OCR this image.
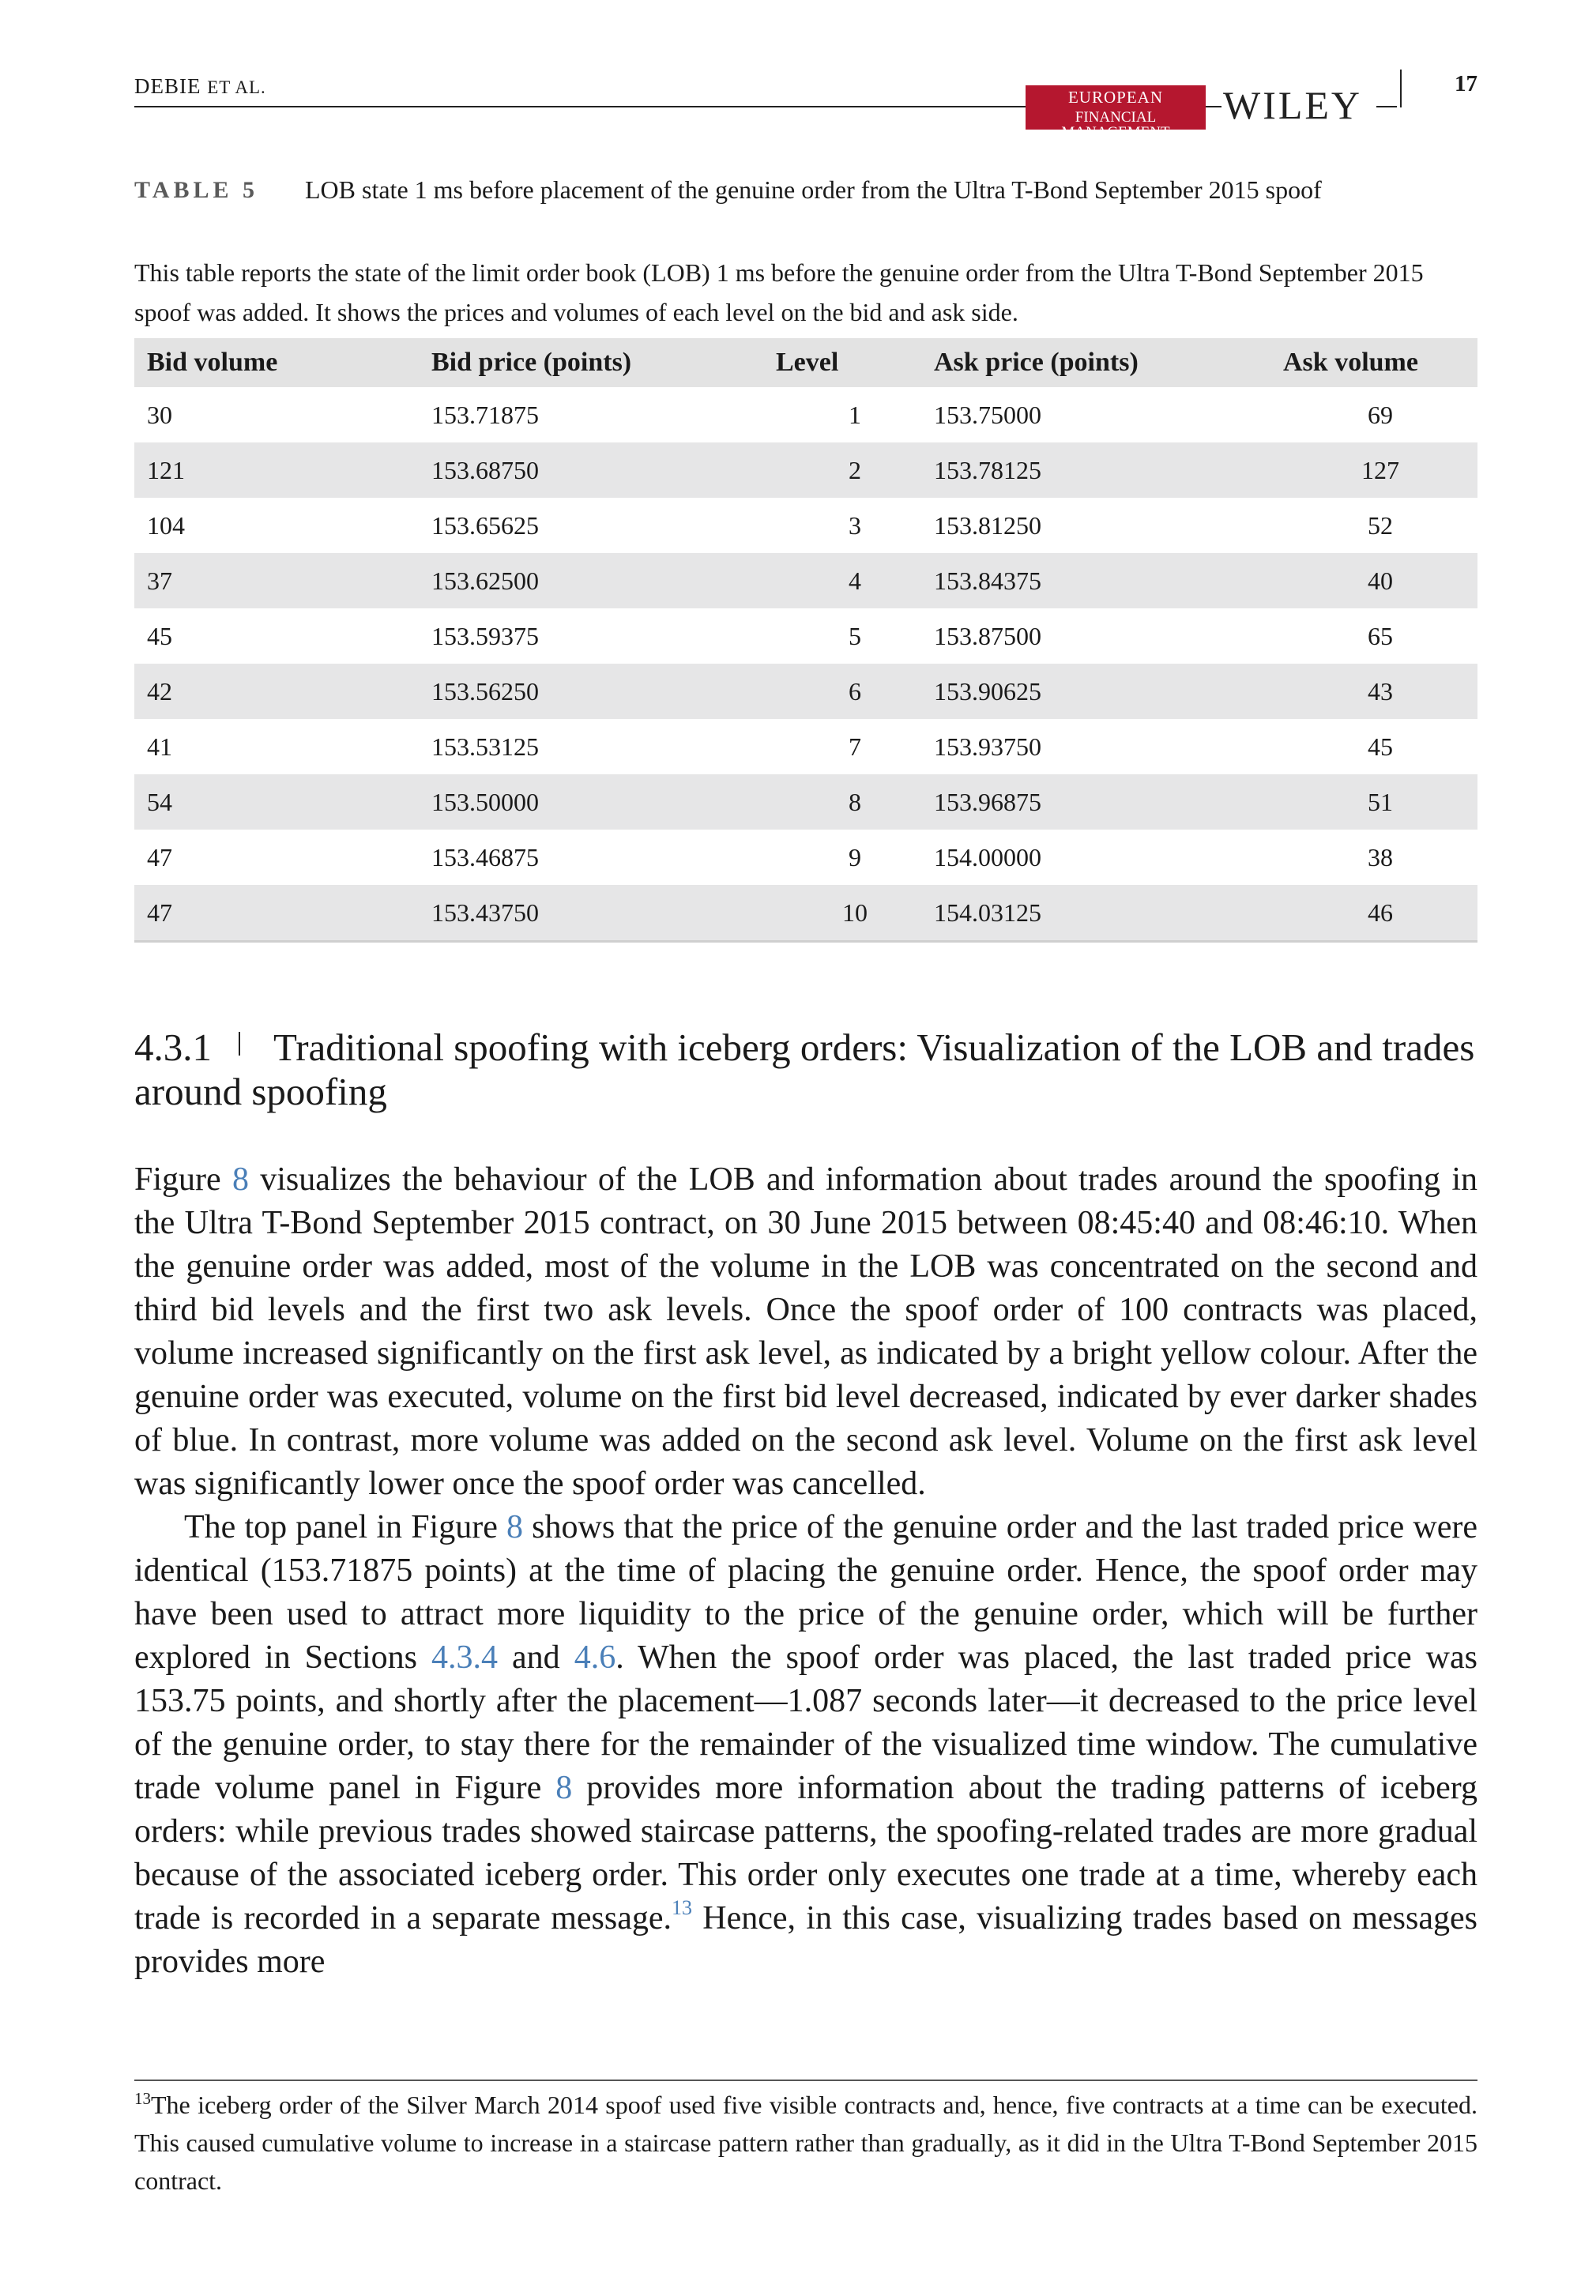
DEBIE ET AL.	EUROPEAN
FINANCIAL MANAGEMENT
WILEY	17
TABLE 5 LOB state 1 ms before placement of the genuine order from the Ultra T-Bond September 2015 spoof
This table reports the state of the limit order book (LOB) 1 ms before the genuine order from the Ultra T-Bond September 2015 spoof was added. It shows the prices and volumes of each level on the bid and ask side.
Bid volume	Bid price (points)	Level	Ask price (points)	Ask volume
30	153.71875	1	153.75000	69
121	153.68750	2	153.78125	127
104	153.65625	3	153.81250	52
37	153.62500	4	153.84375	40
45	153.59375	5	153.87500	65
42	153.56250	6	153.90625	43
41	153.53125	7	153.93750	45
54	153.50000	8	153.96875	51
47	153.46875	9	154.00000	38
47	153.43750	10	154.03125	46
4.3.1 Traditional spoofing with iceberg orders: Visualization of the LOB and trades around spoofing

Figure 8 visualizes the behaviour of the LOB and information about trades around the spoofing in the Ultra T-Bond September 2015 contract, on 30 June 2015 between 08:45:40 and 08:46:10. When the genuine order was added, most of the volume in the LOB was concentrated on the second and third bid levels and the first two ask levels. Once the spoof order of 100 contracts was placed, volume increased significantly on the first ask level, as indicated by a bright yellow colour. After the genuine order was executed, volume on the first bid level decreased, indicated by ever darker shades of blue. In contrast, more volume was added on the second ask level. Volume on the first ask level was significantly lower once the spoof order was cancelled.

The top panel in Figure 8 shows that the price of the genuine order and the last traded price were identical (153.71875 points) at the time of placing the genuine order. Hence, the spoof order may have been used to attract more liquidity to the price of the genuine order, which will be further explored in Sections 4.3.4 and 4.6. When the spoof order was placed, the last traded price was 153.75 points, and shortly after the placement—1.087 seconds later—it decreased to the price level of the genuine order, to stay there for the remainder of the visualized time window. The cumulative trade volume panel in Figure 8 provides more information about the trading patterns of iceberg orders: while previous trades showed staircase patterns, the spoofing-related trades are more gradual because of the associated iceberg order. This order only executes one trade at a time, whereby each trade is recorded in a separate message.$^{13}$ Hence, in this case, visualizing trades based on messages provides more

$^{13}$The iceberg order of the Silver March 2014 spoof used five visible contracts and, hence, five contracts at a time can be executed. This caused cumulative volume to increase in a staircase pattern rather than gradually, as it did in the Ultra T-Bond September 2015 contract.
